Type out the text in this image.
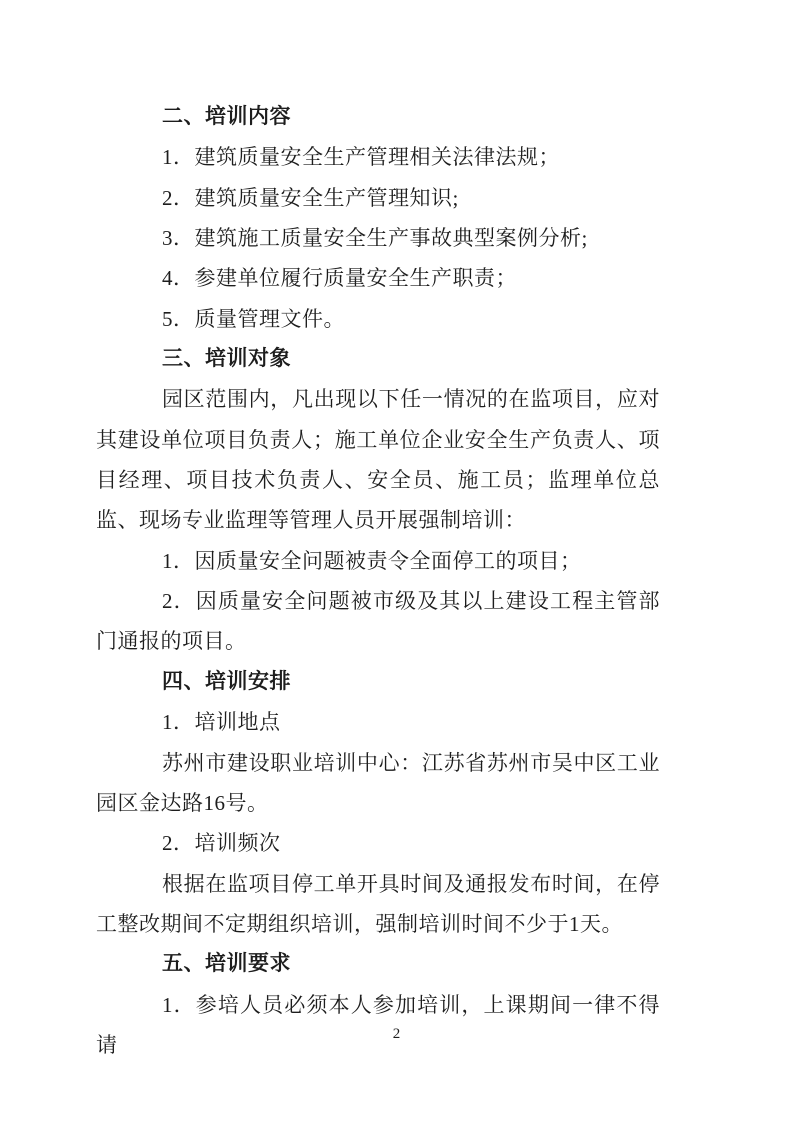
二、培训内容

1．建筑质量安全生产管理相关法律法规；

2．建筑质量安全生产管理知识;

3．建筑施工质量安全生产事故典型案例分析;

4．参建单位履行质量安全生产职责；

5．质量管理文件。

三、培训对象

园区范围内，凡出现以下任一情况的在监项目，应对其建设单位项目负责人；施工单位企业安全生产负责人、项目经理、项目技术负责人、安全员、施工员；监理单位总监、现场专业监理等管理人员开展强制培训：

1．因质量安全问题被责令全面停工的项目；

2．因质量安全问题被市级及其以上建设工程主管部门通报的项目。

四、培训安排

1．培训地点

苏州市建设职业培训中心：江苏省苏州市吴中区工业园区金达路16号。

2．培训频次

根据在监项目停工单开具时间及通报发布时间，在停工整改期间不定期组织培训，强制培训时间不少于1天。

五、培训要求

1．参培人员必须本人参加培训，上课期间一律不得请	2
